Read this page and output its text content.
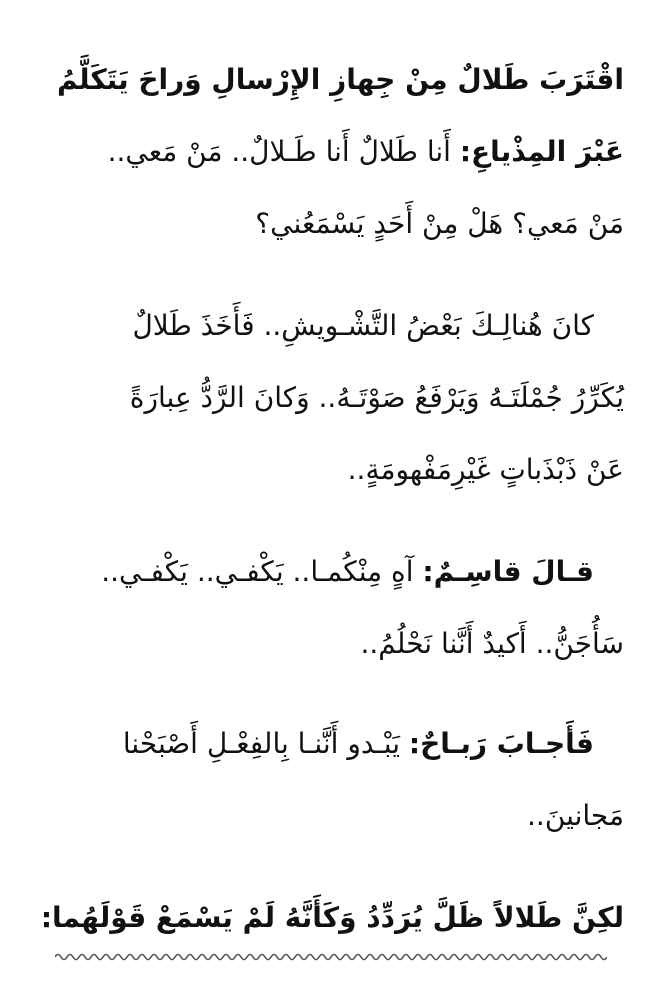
اقْتَرَبَ طَلالٌ مِنْ جِهازِ الإِرْسالِ وَراحَ يَتَكَلَّمُ
عَبْرَ المِذْياعِ: أَنا طَلالٌ أَنا طَـلالٌ.. مَنْ مَعي..
مَنْ مَعي؟ هَلْ مِنْ أَحَدٍ يَسْمَعُني؟
كانَ هُنالِـكَ بَعْضُ التَّشْـويشِ.. فَأَخَذَ طَلالٌ
يُكَرِّرُ جُمْلَتَـهُ وَيَرْفَعُ صَوْتَـهُ.. وَكانَ الرَّدُّ عِبارَةً
عَنْ ذَبْذَباتٍ غَيْرِمَفْهومَةٍ..
قـالَ قاسِـمٌ: آهٍ مِنْكُمـا.. يَكْفـي.. يَكْفـي..
سَأُجَنُّ.. أَكيدٌ أَنَّنا نَحْلُمُ..
فَأَجـابَ رَبـاحٌ: يَبْـدو أَنَّنـا بِالفِعْـلِ أَصْبَحْنا
مَجانينَ..
لكِنَّ طَلالاً ظَلَّ يُرَدِّدُ وَكَأَنَّهُ لَمْ يَسْمَعْ قَوْلَهُما:
